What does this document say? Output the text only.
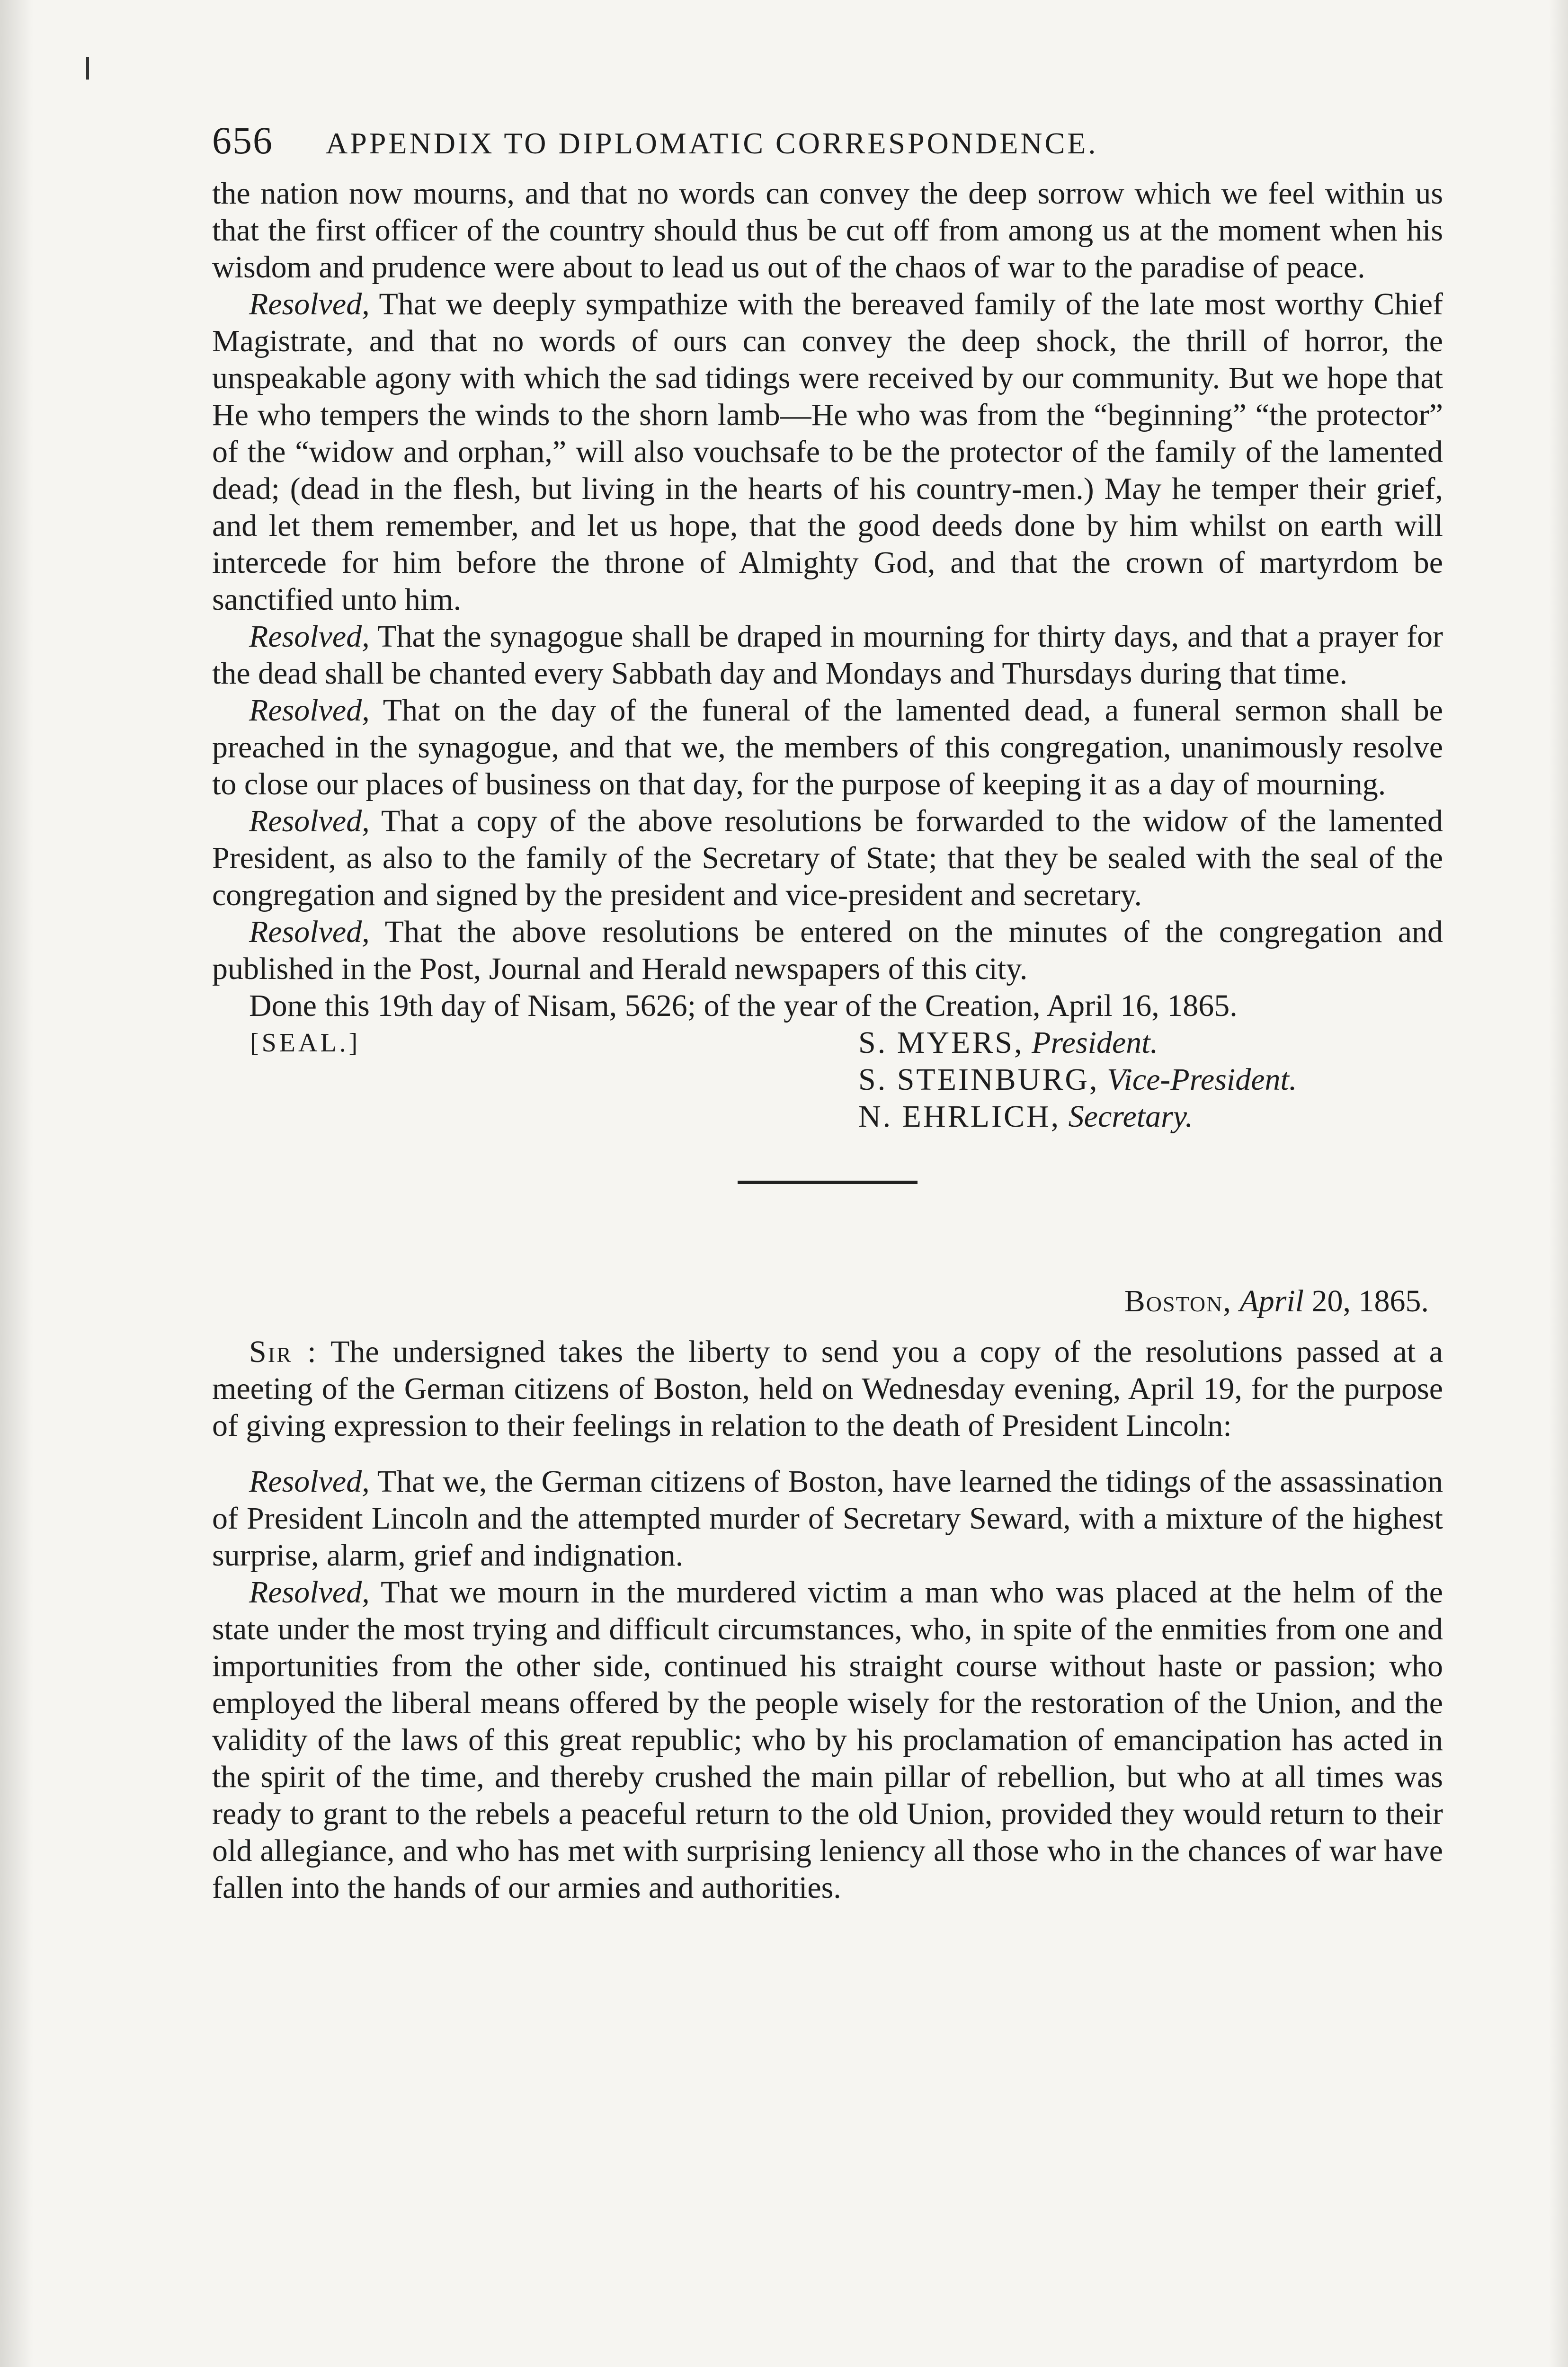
656	APPENDIX TO DIPLOMATIC CORRESPONDENCE.

the nation now mourns, and that no words can convey the deep sorrow which we feel within us that the first officer of the country should thus be cut off from among us at the moment when his wisdom and prudence were about to lead us out of the chaos of war to the paradise of peace.

Resolved, That we deeply sympathize with the bereaved family of the late most worthy Chief Magistrate, and that no words of ours can convey the deep shock, the thrill of horror, the unspeakable agony with which the sad tidings were received by our community. But we hope that He who tempers the winds to the shorn lamb—He who was from the “beginning” “the protector” of the “widow and orphan,” will also vouchsafe to be the protector of the family of the lamented dead; (dead in the flesh, but living in the hearts of his country-men.) May he temper their grief, and let them remember, and let us hope, that the good deeds done by him whilst on earth will intercede for him before the throne of Almighty God, and that the crown of martyrdom be sanctified unto him.

Resolved, That the synagogue shall be draped in mourning for thirty days, and that a prayer for the dead shall be chanted every Sabbath day and Mondays and Thursdays during that time.

Resolved, That on the day of the funeral of the lamented dead, a funeral sermon shall be preached in the synagogue, and that we, the members of this congregation, unanimously resolve to close our places of business on that day, for the purpose of keeping it as a day of mourning.

Resolved, That a copy of the above resolutions be forwarded to the widow of the lamented President, as also to the family of the Secretary of State; that they be sealed with the seal of the congregation and signed by the president and vice-president and secretary.

Resolved, That the above resolutions be entered on the minutes of the congregation and published in the Post, Journal and Herald newspapers of this city.

Done this 19th day of Nisam, 5626; of the year of the Creation, April 16, 1865.

[SEAL.]	S. MYERS, President.
S. STEINBURG, Vice-President.
N. EHRLICH, Secretary.
Boston, April 20, 1865.

Sir : The undersigned takes the liberty to send you a copy of the resolutions passed at a meeting of the German citizens of Boston, held on Wednesday evening, April 19, for the purpose of giving expression to their feelings in relation to the death of President Lincoln:

Resolved, That we, the German citizens of Boston, have learned the tidings of the assassination of President Lincoln and the attempted murder of Secretary Seward, with a mixture of the highest surprise, alarm, grief and indignation.

Resolved, That we mourn in the murdered victim a man who was placed at the helm of the state under the most trying and difficult circumstances, who, in spite of the enmities from one and importunities from the other side, continued his straight course without haste or passion; who employed the liberal means offered by the people wisely for the restoration of the Union, and the validity of the laws of this great republic; who by his proclamation of emancipation has acted in the spirit of the time, and thereby crushed the main pillar of rebellion, but who at all times was ready to grant to the rebels a peaceful return to the old Union, provided they would return to their old allegiance, and who has met with surprising leniency all those who in the chances of war have fallen into the hands of our armies and authorities.
